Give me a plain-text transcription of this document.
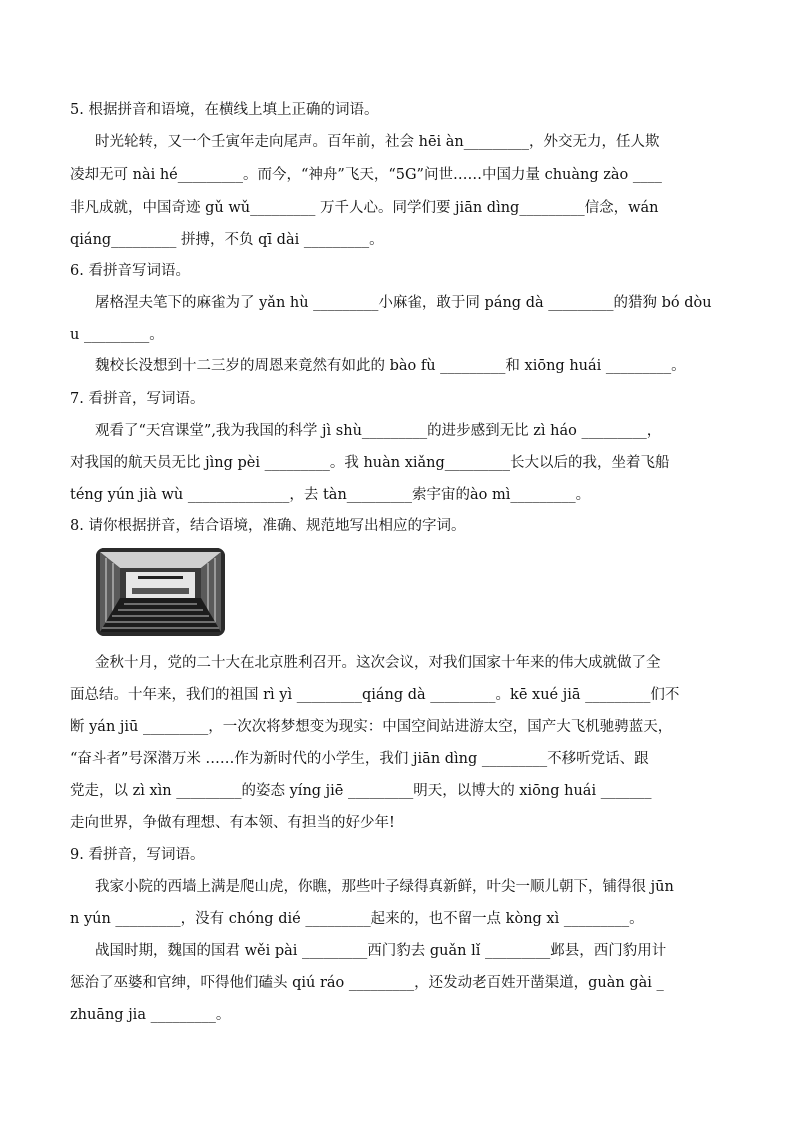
5. 根据拼音和语境，在横线上填上正确的词语。
时光轮转，又一个壬寅年走向尾声。百年前，社会 hēi àn_________，外交无力，任人欺
凌却无可 nài hé_________。而今，“神舟”飞天，“5G”问世……中国力量 chuàng zào ____
非凡成就，中国奇迹 gǔ wǔ_________ 万千人心。同学们要 jiān dìng_________信念，wán
qiáng_________ 拼搏，不负 qī dài _________。
6. 看拼音写词语。
屠格涅夫笔下的麻雀为了 yǎn hù _________小麻雀，敢于同 páng dà _________的猎狗 bó dòu
u _________。
魏校长没想到十二三岁的周恩来竟然有如此的 bào fù _________和 xiōng huái _________。
7. 看拼音，写词语。
观看了“天宫课堂”,我为我国的科学 jì shù_________的进步感到无比 zì háo _________，
对我国的航天员无比 jìng pèi _________。我 huàn xiǎng_________长大以后的我，坐着飞船
téng yún jià wù ______________，去 tàn_________索宇宙的ào mì_________。
8. 请你根据拼音，结合语境，准确、规范地写出相应的字词。
金秋十月，党的二十大在北京胜利召开。这次会议，对我们国家十年来的伟大成就做了全
面总结。十年来，我们的祖国 rì yì _________qiáng dà _________。kē xué jiā _________们不
断 yán jiū _________，一次次将梦想变为现实：中国空间站进游太空，国产大飞机驰骋蓝天，
“奋斗者”号深潜万米 ……作为新时代的小学生，我们 jiān dìng _________不移听党话、跟
党走，以 zì xìn _________的姿态 yíng jiē _________明天，以博大的 xiōng huái _______
走向世界，争做有理想、有本领、有担当的好少年!
9. 看拼音，写词语。
我家小院的西墙上满是爬山虎，你瞧，那些叶子绿得真新鲜，叶尖一顺儿朝下，铺得很 jūn
n yún _________，没有 chóng dié _________起来的，也不留一点 kòng xì _________。
战国时期，魏国的国君 wěi pài _________西门豹去 guǎn lǐ _________邺县，西门豹用计
惩治了巫婆和官绅，吓得他们磕头 qiú ráo _________，还发动老百姓开凿渠道，guàn gài _
zhuāng jia _________。
